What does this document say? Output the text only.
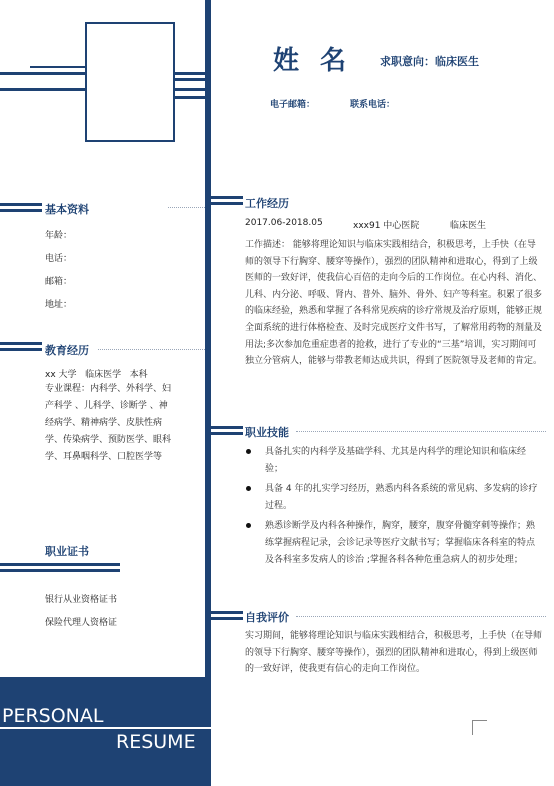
姓 名	求职意向：临床医生
电子邮箱：	联系电话：
基本资料
年龄：
电话：
邮箱：
地址：
教育经历
xx 大学   临床医学   本科
专业课程：内科学、外科学、妇产科学 、儿科学、诊断学 、神经病学、精神病学、皮肤性病学、传染病学、预防医学、眼科学、耳鼻咽科学、口腔医学等
职业证书
银行从业资格证书
保险代理人资格证
工作经历
2017.06-2018.05	xxx91 中心医院	临床医生
工作描述： 能够将理论知识与临床实践相结合，积极思考，上手快（在导师的领导下行胸穿、腰穿等操作），强烈的团队精神和进取心，得到了上级医师的一致好评，使我信心百倍的走向今后的工作岗位。在心内科、消化、儿科、内分泌、呼吸、肾内、普外、脑外、骨外、妇产等科室。积累了很多的临床经验，熟悉和掌握了各科常见疾病的诊疗常规及治疗原则，能够正规全面系统的进行体格检查、及时完成医疗文件书写，了解常用药物的剂量及用法;多次参加危重症患者的抢救，进行了专业的“三基”培训，实习期间可独立分管病人，能够与带教老师达成共识，得到了医院领导及老师的肯定。
职业技能
具备扎实的内科学及基础学科、尤其是内科学的理论知识和临床经验；
具备 4 年的扎实学习经历，熟悉内科各系统的常见病、多发病的诊疗过程。
熟悉诊断学及内科各种操作，胸穿，腰穿，腹穿骨髓穿刺等操作；熟练掌握病程记录，会诊记录等医疗文献书写；掌握临床各科室的特点及各科室多发病人的诊治 ;掌握各科各种危重急病人的初步处理；
自我评价
实习期间，能够将理论知识与临床实践相结合，积极思考，上手快（在导师的领导下行胸穿、腰穿等操作），强烈的团队精神和进取心，得到上级医师的一致好评，使我更有信心的走向工作岗位。
PERSONAL
RESUME
